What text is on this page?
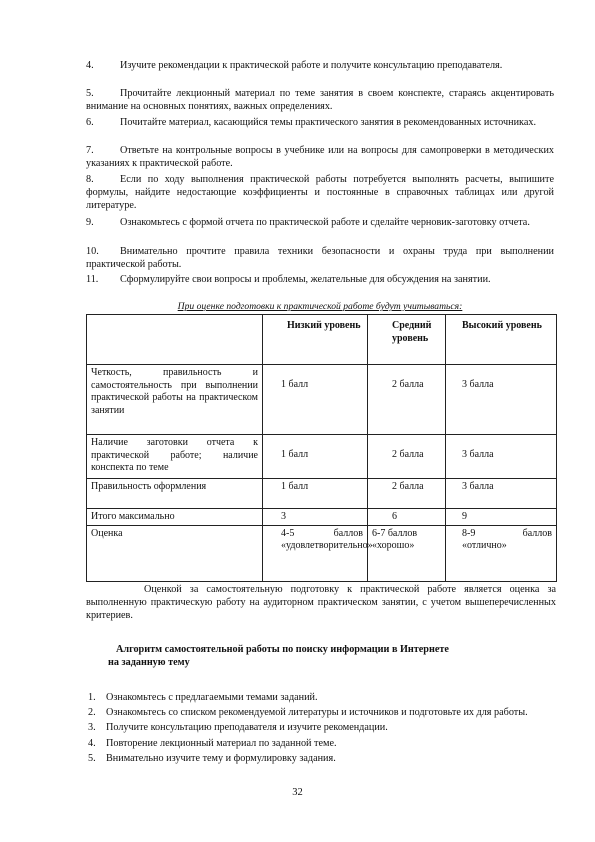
4.	Изучите рекомендации к практической работе и получите консультацию преподавателя.
5.	Прочитайте лекционный материал по теме занятия в своем конспекте, стараясь акцентировать внимание на основных понятиях, важных определениях.
6.	Почитайте материал, касающийся темы практического занятия в рекомендованных источниках.
7.	Ответьте на контрольные вопросы в учебнике или на вопросы для самопроверки в методических указаниях к практической работе.
8.	Если по ходу выполнения практической работы потребуется выполнять расчеты, выпишите формулы, найдите недостающие коэффициенты и постоянные в справочных таблицах или другой литературе.
9.	Ознакомьтесь с формой отчета по практической работе и сделайте черновик-заготовку отчета.
10. Внимательно прочтите правила техники безопасности и охраны труда при выполнении практической работы.
11. Сформулируйте свои вопросы и проблемы, желательные для обсуждения на занятии.
При оценке подготовки к практической работе будут учитываться:
	Низкий уровень	Средний уровень	Высокий уровень
Четкость, правильность и самостоятельность при выполнении практической работы на практическом занятии	1 балл	2 балла	3 балла
Наличие заготовки отчета к практической работе; наличие конспекта по теме	1 балл	2 балла	3 балла
Правильность оформления	1 балл	2 балла	3 балла
Итого максимально	3	6	9
Оценка	4-5 баллов «удовлетворительно»	6-7 баллов «хорошо»	8-9 баллов «отлично»
Оценкой за самостоятельную подготовку к практической работе является оценка за выполненную практическую работу на аудиторном практическом занятии, с учетом вышеперечисленных критериев.
Алгоритм самостоятельной работы по поиску информации в Интернете
на заданную тему
1. Ознакомьтесь с предлагаемыми темами заданий.
2. Ознакомьтесь со списком рекомендуемой литературы и источников и подготовьте их для работы.
3. Получите консультацию преподавателя и изучите рекомендации.
4. Повторение лекционный материал по заданной теме.
5. Внимательно изучите тему и формулировку задания.
32
